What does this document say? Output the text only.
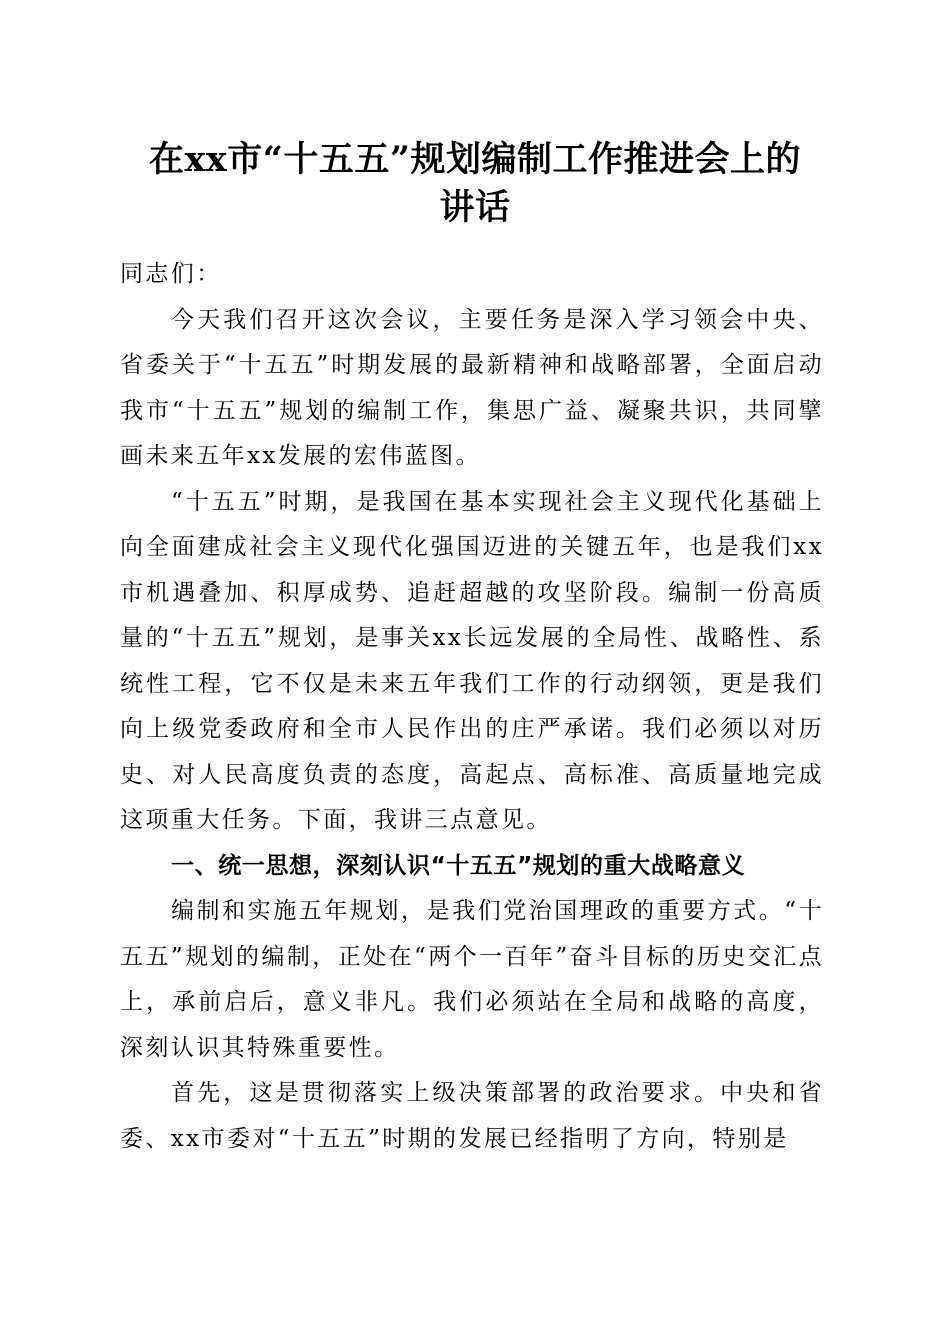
在xx市“十五五”规划编制工作推进会上的
讲话

同志们：

今天我们召开这次会议，主要任务是深入学习领会中央、省委关于“十五五”时期发展的最新精神和战略部署，全面启动我市“十五五”规划的编制工作，集思广益、凝聚共识，共同擘画未来五年xx发展的宏伟蓝图。

“十五五”时期，是我国在基本实现社会主义现代化基础上向全面建成社会主义现代化强国迈进的关键五年，也是我们xx市机遇叠加、积厚成势、追赶超越的攻坚阶段。编制一份高质量的“十五五”规划，是事关xx长远发展的全局性、战略性、系统性工程，它不仅是未来五年我们工作的行动纲领，更是我们向上级党委政府和全市人民作出的庄严承诺。我们必须以对历史、对人民高度负责的态度，高起点、高标准、高质量地完成这项重大任务。下面，我讲三点意见。

一、统一思想，深刻认识“十五五”规划的重大战略意义

编制和实施五年规划，是我们党治国理政的重要方式。“十五五”规划的编制，正处在“两个一百年”奋斗目标的历史交汇点上，承前启后，意义非凡。我们必须站在全局和战略的高度，深刻认识其特殊重要性。

首先，这是贯彻落实上级决策部署的政治要求。中央和省委、xx市委对“十五五”时期的发展已经指明了方向，特别是
